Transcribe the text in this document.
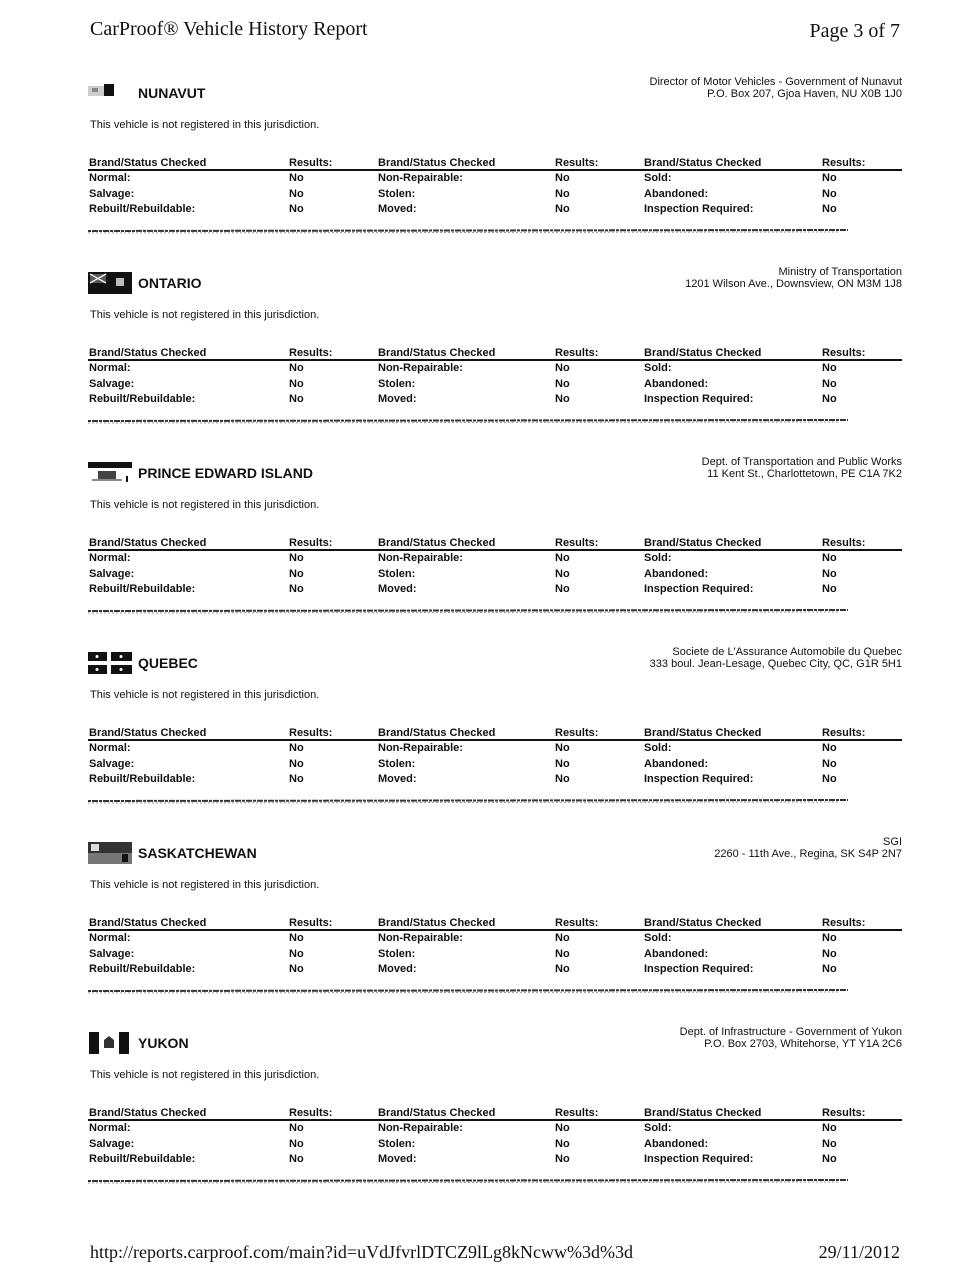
CarProof® Vehicle History Report	Page 3 of 7
NUNAVUT
Director of Motor Vehicles - Government of Nunavut
P.O. Box 207, Gjoa Haven, NU X0B 1J0
This vehicle is not registered in this jurisdiction.
Brand/Status Checked	Results:	Brand/Status Checked	Results:	Brand/Status Checked	Results:
Normal:	No	Non-Repairable:	No	Sold:	No
Salvage:	No	Stolen:	No	Abandoned:	No
Rebuilt/Rebuildable:	No	Moved:	No	Inspection Required:	No
ONTARIO
Ministry of Transportation
1201 Wilson Ave., Downsview, ON M3M 1J8
This vehicle is not registered in this jurisdiction.
Brand/Status Checked	Results:	Brand/Status Checked	Results:	Brand/Status Checked	Results:
Normal:	No	Non-Repairable:	No	Sold:	No
Salvage:	No	Stolen:	No	Abandoned:	No
Rebuilt/Rebuildable:	No	Moved:	No	Inspection Required:	No
PRINCE EDWARD ISLAND
Dept. of Transportation and Public Works
11 Kent St., Charlottetown, PE C1A 7K2
This vehicle is not registered in this jurisdiction.
Brand/Status Checked	Results:	Brand/Status Checked	Results:	Brand/Status Checked	Results:
Normal:	No	Non-Repairable:	No	Sold:	No
Salvage:	No	Stolen:	No	Abandoned:	No
Rebuilt/Rebuildable:	No	Moved:	No	Inspection Required:	No
QUEBEC
Societe de L'Assurance Automobile du Quebec
333 boul. Jean-Lesage, Quebec City, QC, G1R 5H1
This vehicle is not registered in this jurisdiction.
Brand/Status Checked	Results:	Brand/Status Checked	Results:	Brand/Status Checked	Results:
Normal:	No	Non-Repairable:	No	Sold:	No
Salvage:	No	Stolen:	No	Abandoned:	No
Rebuilt/Rebuildable:	No	Moved:	No	Inspection Required:	No
SASKATCHEWAN
SGI
2260 - 11th Ave., Regina, SK S4P 2N7
This vehicle is not registered in this jurisdiction.
Brand/Status Checked	Results:	Brand/Status Checked	Results:	Brand/Status Checked	Results:
Normal:	No	Non-Repairable:	No	Sold:	No
Salvage:	No	Stolen:	No	Abandoned:	No
Rebuilt/Rebuildable:	No	Moved:	No	Inspection Required:	No
YUKON
Dept. of Infrastructure - Government of Yukon
P.O. Box 2703, Whitehorse, YT Y1A 2C6
This vehicle is not registered in this jurisdiction.
Brand/Status Checked	Results:	Brand/Status Checked	Results:	Brand/Status Checked	Results:
Normal:	No	Non-Repairable:	No	Sold:	No
Salvage:	No	Stolen:	No	Abandoned:	No
Rebuilt/Rebuildable:	No	Moved:	No	Inspection Required:	No
http://reports.carproof.com/main?id=uVdJfvrlDTCZ9lLg8kNcww%3d%3d	29/11/2012
